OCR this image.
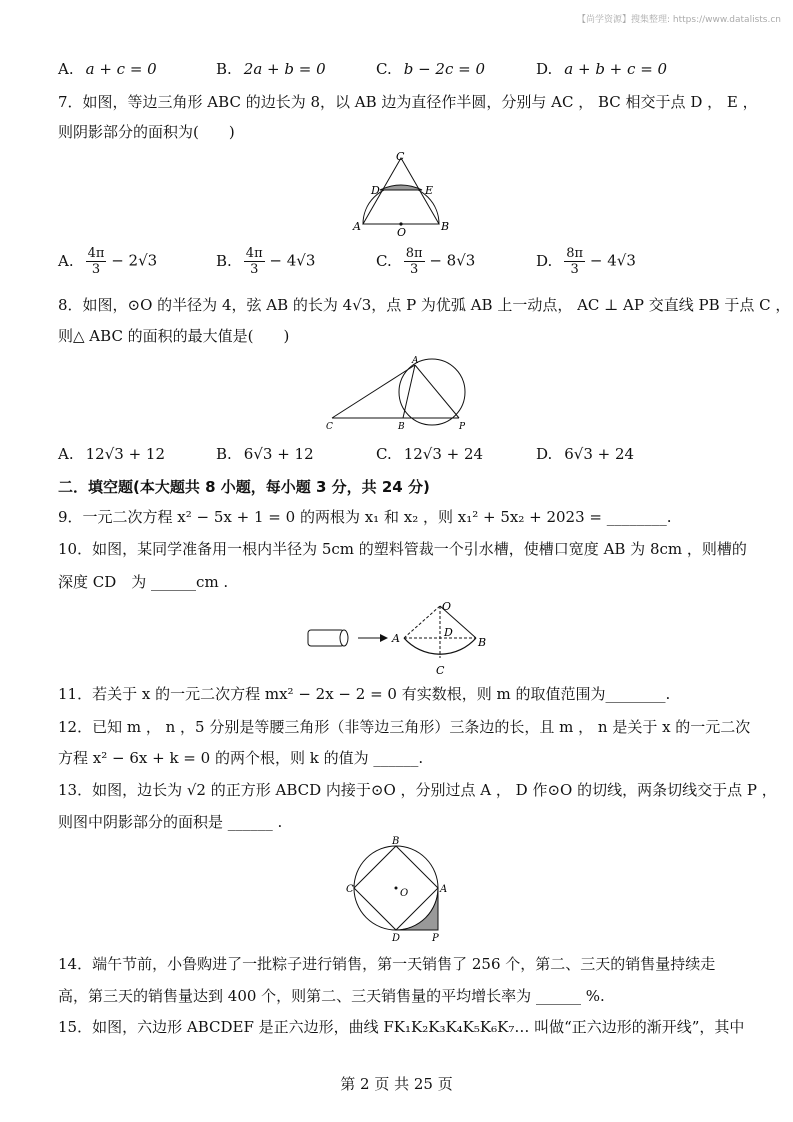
【尚学资源】搜集整理: https://www.datalists.cn
A. a + c = 0	B. 2a + b = 0	C. b − 2c = 0	D. a + b + c = 0
7．如图，等边三角形 ABC 的边长为 8，以 AB 边为直径作半圆，分别与 AC ， BC 相交于点 D ， E ，
则阴影部分的面积为(　　)
C
D	E
A	B
O
A. $\frac{4\pi}{3} - 2√3$	B. $\frac{4\pi}{3} - 4√3$	C. $\frac{8\pi}{3} - 8√3$	D. $\frac{8\pi}{3} - 4√3$
8．如图，⊙O 的半径为 4，弦 AB 的长为 4√3，点 P 为优弧 AB 上一动点， AC ⊥ AP 交直线 PB 于点 C ，
则△ ABC 的面积的最大值是(　　)
A
C	B	P
A. 12√3 + 12	B. 6√3 + 12	C. 12√3 + 24	D. 6√3 + 24
二．填空题(本大题共 8 小题，每小题 3 分，共 24 分)
9．一元二次方程 x² − 5x + 1 = 0 的两根为 x₁ 和 x₂ ，则 x₁² + 5x₂ + 2023 = ________.
10．如图，某同学准备用一根内半径为 5cm 的塑料管裁一个引水槽，使槽口宽度 AB 为 8cm ，则槽的
深度 CD　为 ______cm .
O
A	D
B
C
11．若关于 x 的一元二次方程 mx² − 2x − 2 = 0 有实数根，则 m 的取值范围为________.
12．已知 m ， n ，5 分别是等腰三角形（非等边三角形）三条边的长，且 m ， n 是关于 x 的一元二次
方程 x² − 6x + k = 0 的两个根，则 k 的值为 ______.
13．如图，边长为 √2 的正方形 ABCD 内接于⊙O ，分别过点 A ， D 作⊙O 的切线，两条切线交于点 P ，
则图中阴影部分的面积是 ______ .
B
C	A
O
D	P
14．端午节前，小鲁购进了一批粽子进行销售，第一天销售了 256 个，第二、三天的销售量持续走
高，第三天的销售量达到 400 个，则第二、三天销售量的平均增长率为 ______ %.
15．如图，六边形 ABCDEF 是正六边形，曲线 FK₁K₂K₃K₄K₅K₆K₇… 叫做“正六边形的渐开线”，其中
第 2 页 共 25 页
